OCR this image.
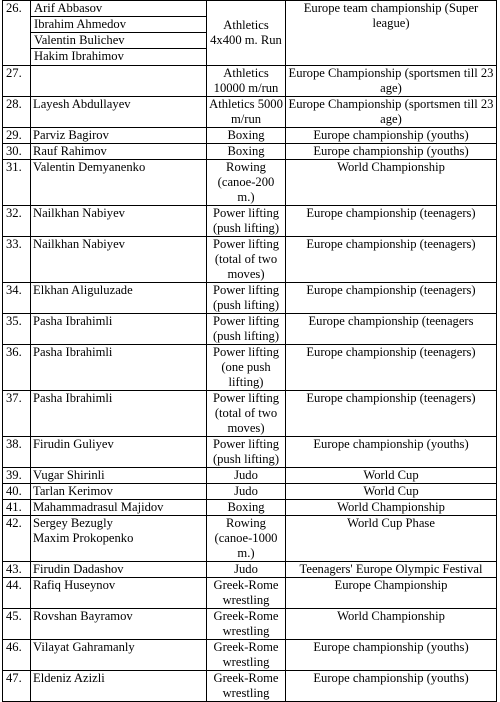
26.	Arif Abbasov
Ibrahim Ahmedov
Valentin Bulichev
Hakim Ibrahimov	Athletics 4x400 m. Run	Europe team championship (Super league)
27.		Athletics 10000 m/run	Europe Championship (sportsmen till 23 age)
28.	Layesh Abdullayev	Athletics 5000 m/run	Europe Championship (sportsmen till 23 age)
29.	Parviz Bagirov	Boxing	Europe championship (youths)
30.	Rauf Rahimov	Boxing	Europe championship (youths)
31.	Valentin Demyanenko	Rowing (canoe-200 m.)	World Championship
32.	Nailkhan Nabiyev	Power lifting (push lifting)	Europe championship (teenagers)
33.	Nailkhan Nabiyev	Power lifting (total of two moves)	Europe championship (teenagers)
34.	Elkhan Aliguluzade	Power lifting (push lifting)	Europe championship (teenagers)
35.	Pasha Ibrahimli	Power lifting (push lifting)	Europe championship (teenagers
36.	Pasha Ibrahimli	Power lifting (one push lifting)	Europe championship (teenagers)
37.	Pasha Ibrahimli	Power lifting (total of two moves)	Europe championship (teenagers)
38.	Firudin Guliyev	Power lifting (push lifting)	Europe championship (youths)
39.	Vugar Shirinli	Judo	World Cup
40.	Tarlan Kerimov	Judo	World Cup
41.	Mahammadrasul Majidov	Boxing	World Championship
42.	Sergey Bezugly
Maxim Prokopenko	Rowing (canoe-1000 m.)	World Cup Phase
43.	Firudin Dadashov	Judo	Teenagers' Europe Olympic Festival
44.	Rafiq Huseynov	Greek-Rome wrestling	Europe Championship
45.	Rovshan Bayramov	Greek-Rome wrestling	World Championship
46.	Vilayat Gahramanly	Greek-Rome wrestling	Europe championship (youths)
47.	Eldeniz Azizli	Greek-Rome wrestling	Europe championship (youths)
